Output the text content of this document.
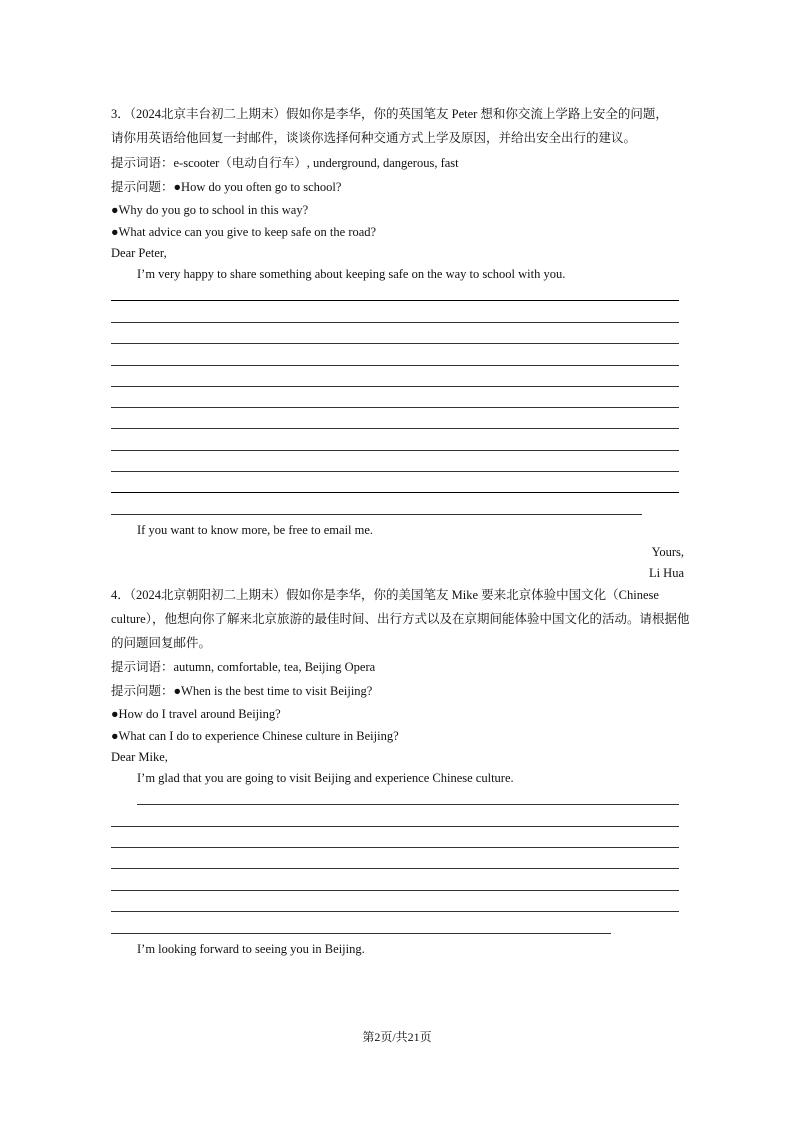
3．（2024北京丰台初二上期末）假如你是李华，你的英国笔友 Peter 想和你交流上学路上安全的问题，
请你用英语给他回复一封邮件，谈谈你选择何种交通方式上学及原因，并给出安全出行的建议。
提示词语：e-scooter（电动自行车）, underground, dangerous, fast
提示问题：●How do you often go to school?
●Why do you go to school in this way?
●What advice can you give to keep safe on the road?
Dear Peter,
I’m very happy to share something about keeping safe on the way to school with you.
If you want to know more, be free to email me.
Yours,
Li Hua
4．（2024北京朝阳初二上期末）假如你是李华，你的美国笔友 Mike 要来北京体验中国文化（Chinese
culture），他想向你了解来北京旅游的最佳时间、出行方式以及在京期间能体验中国文化的活动。请根据他
的问题回复邮件。
提示词语：autumn, comfortable, tea, Beijing Opera
提示问题：●When is the best time to visit Beijing?
●How do I travel around Beijing?
●What can I do to experience Chinese culture in Beijing?
Dear Mike,
I’m glad that you are going to visit Beijing and experience Chinese culture.
I’m looking forward to seeing you in Beijing.
第2页/共21页
